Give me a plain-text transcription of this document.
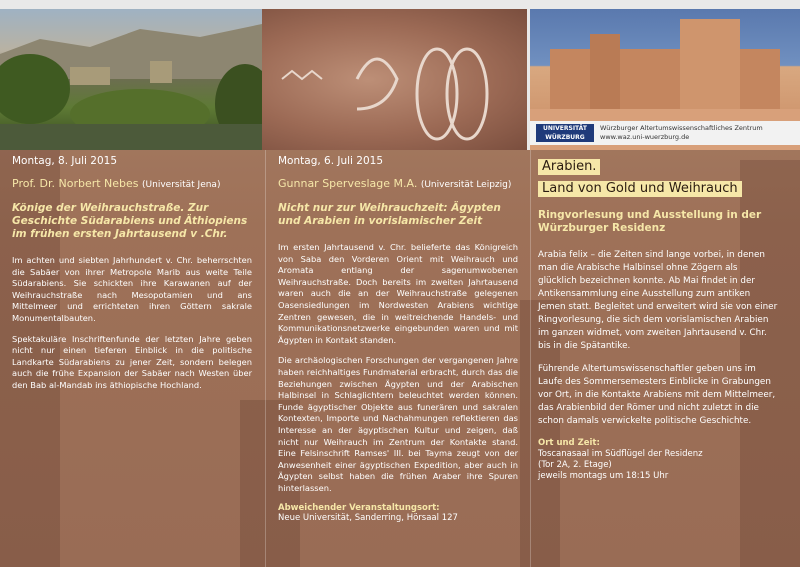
UNIVERSITÄT WÜRZBURG
Würzburger Altertumswissenschaftliches Zentrum
www.waz.uni-wuerzburg.de
Montag, 8. Juli 2015
Prof. Dr. Norbert Nebes (Universität Jena)
Könige der Weihrauchstraße. Zur Geschichte Südarabiens und Äthiopiens im frühen ersten Jahrtausend v .Chr.

Im achten und siebten Jahrhundert v. Chr. beherrschten die Sabäer von ihrer Metropole Marib aus weite Teile Südarabiens. Sie schickten ihre Karawanen auf der Weihrauchstraße nach Mesopotamien und ans Mittelmeer und errichteten ihren Göttern sakrale Monumentalbauten.

Spektakuläre Inschriftenfunde der letzten Jahre geben nicht nur einen tieferen Einblick in die politische Landkarte Südarabiens zu jener Zeit, sondern belegen auch die frühe Expansion der Sabäer nach Westen über den Bab al-Mandab ins äthiopische Hochland.

Montag, 6. Juli 2015
Gunnar Sperveslage M.A. (Universität Leipzig)
Nicht nur zur Weihrauchzeit: Ägypten und Arabien in vorislamischer Zeit

Im ersten Jahrtausend v. Chr. belieferte das Königreich von Saba den Vorderen Orient mit Weihrauch und Aromata entlang der sagenumwobenen Weihrauchstraße. Doch bereits im zweiten Jahrtausend waren auch die an der Weihrauchstraße gelegenen Oasensiedlungen im Nordwesten Arabiens wichtige Zentren gewesen, die in weitreichende Handels- und Kommunikationsnetzwerke eingebunden waren und mit Ägypten in Kontakt standen.

Die archäologischen Forschungen der vergangenen Jahre haben reichhaltiges Fundmaterial erbracht, durch das die Beziehungen zwischen Ägypten und der Arabischen Halbinsel in Schlaglichtern beleuchtet werden können. Funde ägyptischer Objekte aus funerären und sakralen Kontexten, Importe und Nachahmungen reflektieren das Interesse an der ägyptischen Kultur und zeigen, daß nicht nur Weihrauch im Zentrum der Kontakte stand. Eine Felsinschrift Ramses' III. bei Tayma zeugt von der Anwesenheit einer ägyptischen Expedition, aber auch in Ägypten selbst haben die frühen Araber ihre Spuren hinterlassen.

Abweichender Veranstaltungsort:
Neue Universität, Sanderring, Hörsaal 127
Arabien.
Land von Gold und Weihrauch
Ringvorlesung und Ausstellung in der Würzburger Residenz

Arabia felix – die Zeiten sind lange vorbei, in denen man die Arabische Halbinsel ohne Zögern als glücklich bezeichnen konnte. Ab Mai findet in der Antikensammlung eine Ausstellung zum antiken Jemen statt. Begleitet und erweitert wird sie von einer Ringvorlesung, die sich dem vorislamischen Arabien im ganzen widmet, vom zweiten Jahrtausend v. Chr. bis in die Spätantike.

Führende Altertumswissenschaftler geben uns im Laufe des Sommersemesters Einblicke in Grabungen vor Ort, in die Kontakte Arabiens mit dem Mittelmeer, das Arabienbild der Römer und nicht zuletzt in die schon damals verwickelte politische Geschichte.

Ort und Zeit:
Toscanasaal im Südflügel der Residenz
(Tor 2A, 2. Etage)
jeweils montags um 18:15 Uhr
